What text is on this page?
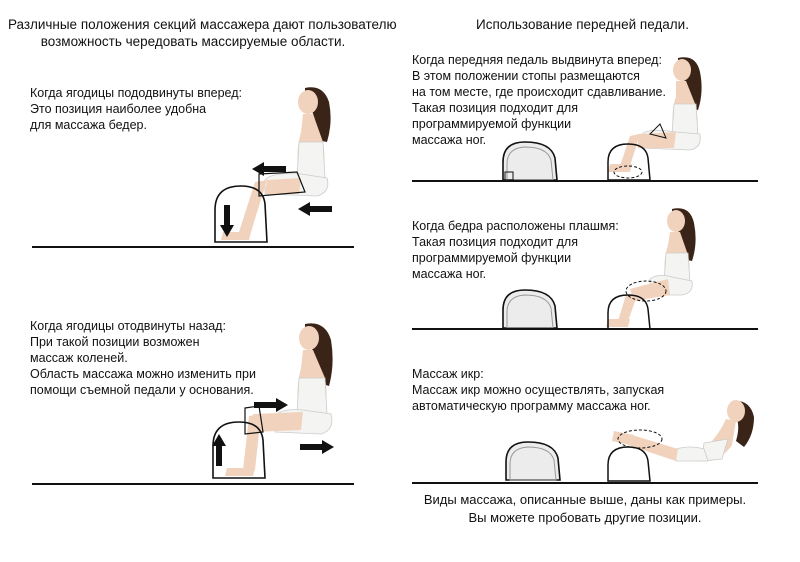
Различные положения секций массажера дают пользователю
возможность чередовать массируемые области.
Когда ягодицы пододвинуты вперед:
Это позиция наиболее удобна
для массажа бедер.
Когда ягодицы отодвинуты назад:
При такой позиции возможен
массаж коленей.
Область массажа можно изменить при
помощи съемной педали у основания.
Использование передней педали.
Когда передняя педаль выдвинута вперед:
В этом положении стопы размещаются
на том месте, где происходит сдавливание.
Такая позиция подходит для
программируемой функции
массажа ног.
Когда бедра расположены плашмя:
Такая позиция подходит для
программируемой функции
массажа ног.
Массаж икр:
Массаж икр можно осуществлять, запуская
автоматическую программу массажа ног.
Виды массажа, описанные выше, даны как примеры.
Вы можете пробовать другие позиции.
